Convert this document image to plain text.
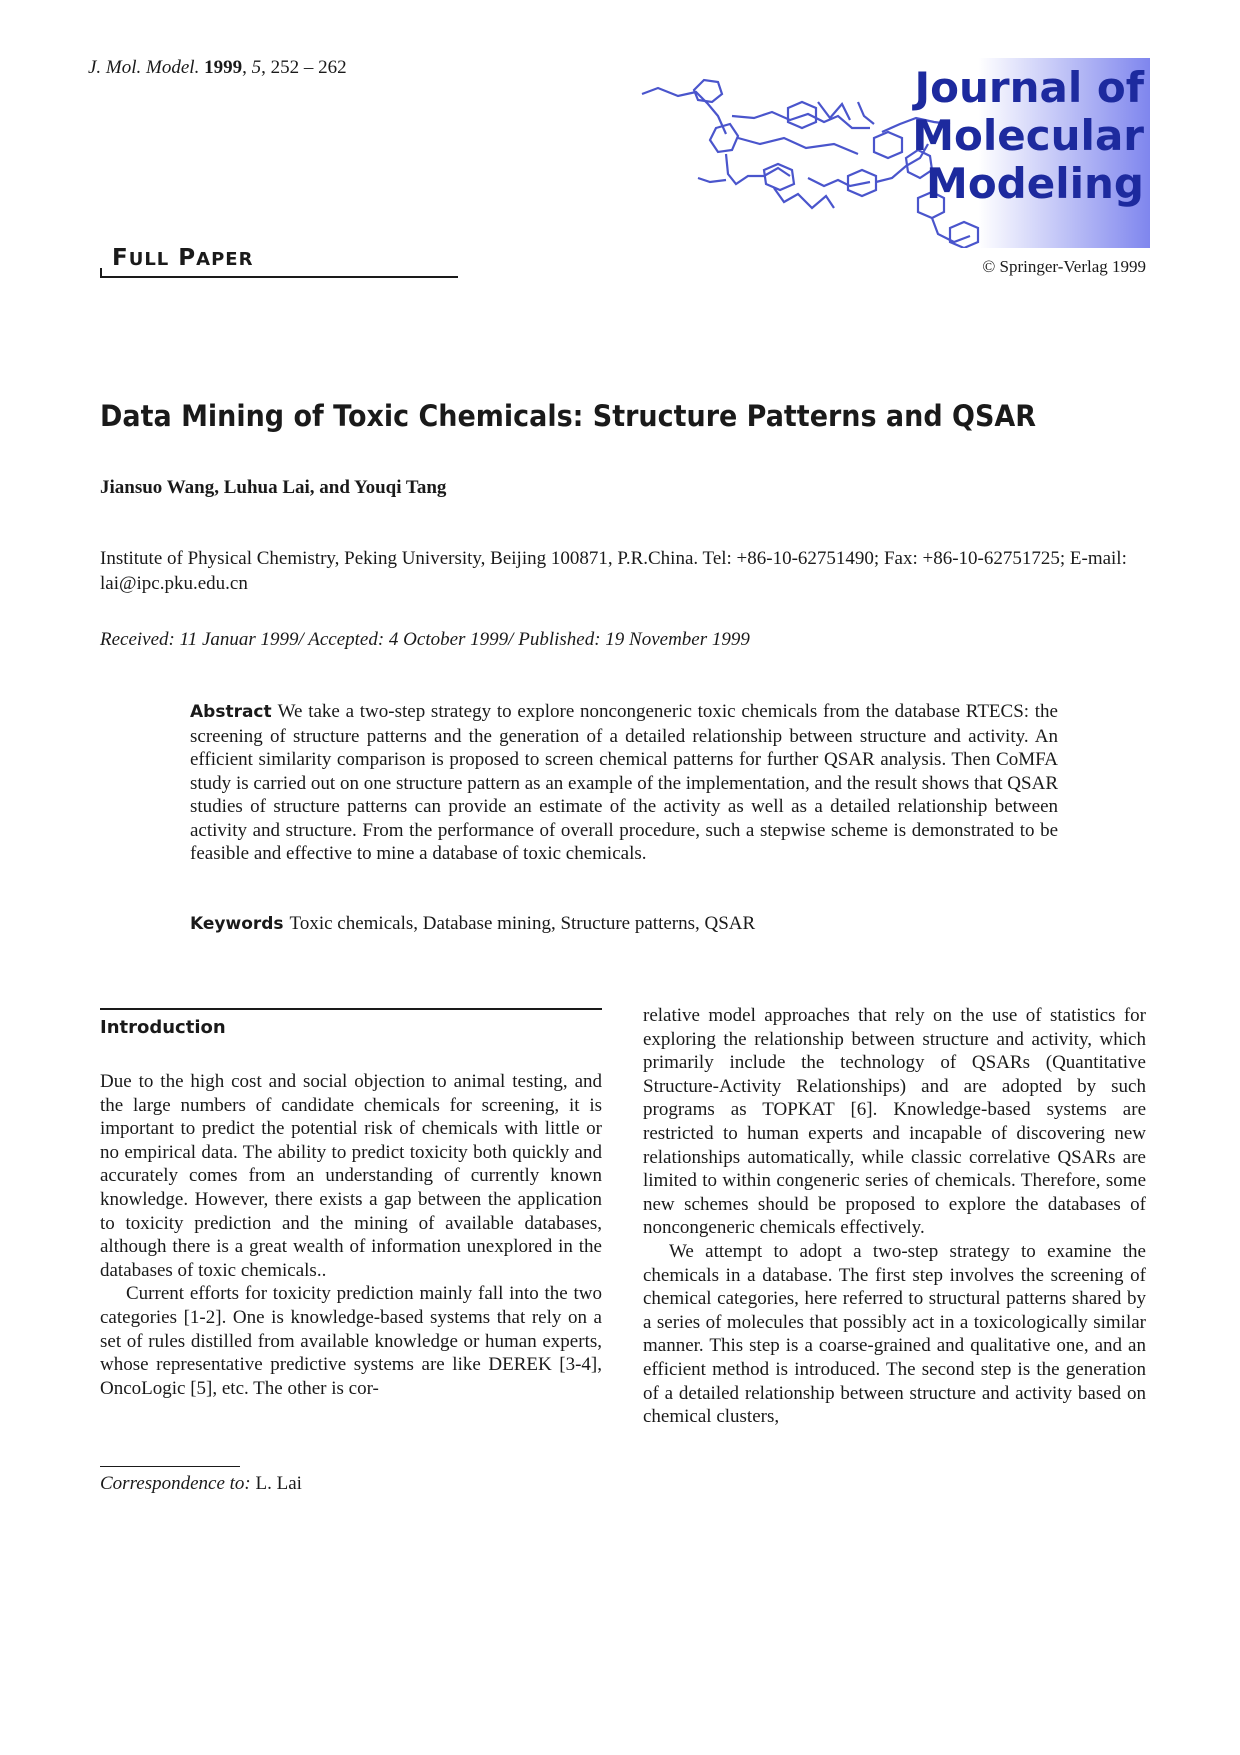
J. Mol. Model. 1999, 5, 252 – 262	Journal of
Molecular
Modeling
© Springer-Verlag 1999
FULL PAPER
Data Mining of Toxic Chemicals: Structure Patterns and QSAR
Jiansuo Wang, Luhua Lai, and Youqi Tang
Institute of Physical Chemistry, Peking University, Beijing 100871, P.R.China. Tel: +86-10-62751490; Fax: +86-10-62751725; E-mail: lai@ipc.pku.edu.cn
Received: 11 Januar 1999/ Accepted: 4 October 1999/ Published: 19 November 1999
Abstract We take a two-step strategy to explore noncongeneric toxic chemicals from the database RTECS: the screening of structure patterns and the generation of a detailed relationship between structure and activity. An efficient similarity comparison is proposed to screen chemical patterns for further QSAR analysis. Then CoMFA study is carried out on one structure pattern as an example of the implementation, and the result shows that QSAR studies of structure patterns can provide an estimate of the activity as well as a detailed relationship between activity and structure. From the performance of overall procedure, such a stepwise scheme is demonstrated to be feasible and effective to mine a database of toxic chemicals.
Keywords Toxic chemicals, Database mining, Structure patterns, QSAR
Introduction

Due to the high cost and social objection to animal testing, and the large numbers of candidate chemicals for screening, it is important to predict the potential risk of chemicals with little or no empirical data. The ability to predict toxicity both quickly and accurately comes from an understanding of currently known knowledge. However, there exists a gap between the application to toxicity prediction and the mining of available databases, although there is a great wealth of information unexplored in the databases of toxic chemicals..

Current efforts for toxicity prediction mainly fall into the two categories [1-2]. One is knowledge-based systems that rely on a set of rules distilled from available knowledge or human experts, whose representative predictive systems are like DEREK [3-4], OncoLogic [5], etc. The other is cor-

relative model approaches that rely on the use of statistics for exploring the relationship between structure and activity, which primarily include the technology of QSARs (Quantitative Structure-Activity Relationships) and are adopted by such programs as TOPKAT [6]. Knowledge-based systems are restricted to human experts and incapable of discovering new relationships automatically, while classic correlative QSARs are limited to within congeneric series of chemicals. Therefore, some new schemes should be proposed to explore the databases of noncongeneric chemicals effectively.

We attempt to adopt a two-step strategy to examine the chemicals in a database. The first step involves the screening of chemical categories, here referred to structural patterns shared by a series of molecules that possibly act in a toxicologically similar manner. This step is a coarse-grained and qualitative one, and an efficient method is introduced. The second step is the generation of a detailed relationship between structure and activity based on chemical clusters,

Correspondence to: L. Lai
